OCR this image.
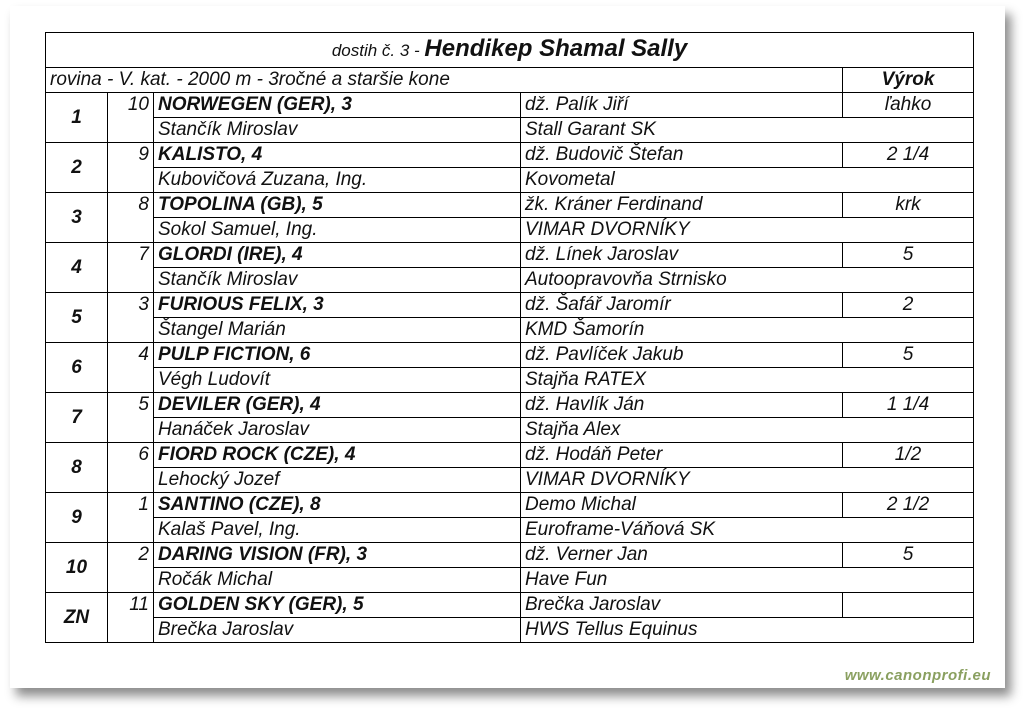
dostih č. 3 - Hendikep Shamal Sally				
rovina - V. kat. - 2000 m - 3ročné a staršie kone				Výrok
1	10	NORWEGEN (GER), 3	dž. Palík Jiří	ľahko
		Stančík Miroslav	Stall Garant SK	
2	9	KALISTO, 4	dž. Budovič Štefan	2 1/4
		Kubovičová Zuzana, Ing.	Kovometal	
3	8	TOPOLINA (GB), 5	žk. Kráner Ferdinand	krk
		Sokol Samuel, Ing.	VIMAR DVORNÍKY	
4	7	GLORDI (IRE), 4	dž. Línek Jaroslav	5
		Stančík Miroslav	Autoopravovňa Strnisko	
5	3	FURIOUS FELIX, 3	dž. Šafář Jaromír	2
		Štangel Marián	KMD Šamorín	
6	4	PULP FICTION, 6	dž. Pavlíček Jakub	5
		Végh Ludovít	Stajňa RATEX	
7	5	DEVILER (GER), 4	dž. Havlík Ján	1 1/4
		Hanáček Jaroslav	Stajňa Alex	
8	6	FIORD ROCK (CZE), 4	dž. Hodáň Peter	1/2
		Lehocký Jozef	VIMAR DVORNÍKY	
9	1	SANTINO (CZE), 8	Demo Michal	2 1/2
		Kalaš Pavel, Ing.	Euroframe-Váňová SK	
10	2	DARING VISION (FR), 3	dž. Verner Jan	5
		Ročák Michal	Have Fun	
ZN	11	GOLDEN SKY (GER), 5	Brečka Jaroslav	
		Brečka Jaroslav	HWS Tellus Equinus	
www.canonprofi.eu
